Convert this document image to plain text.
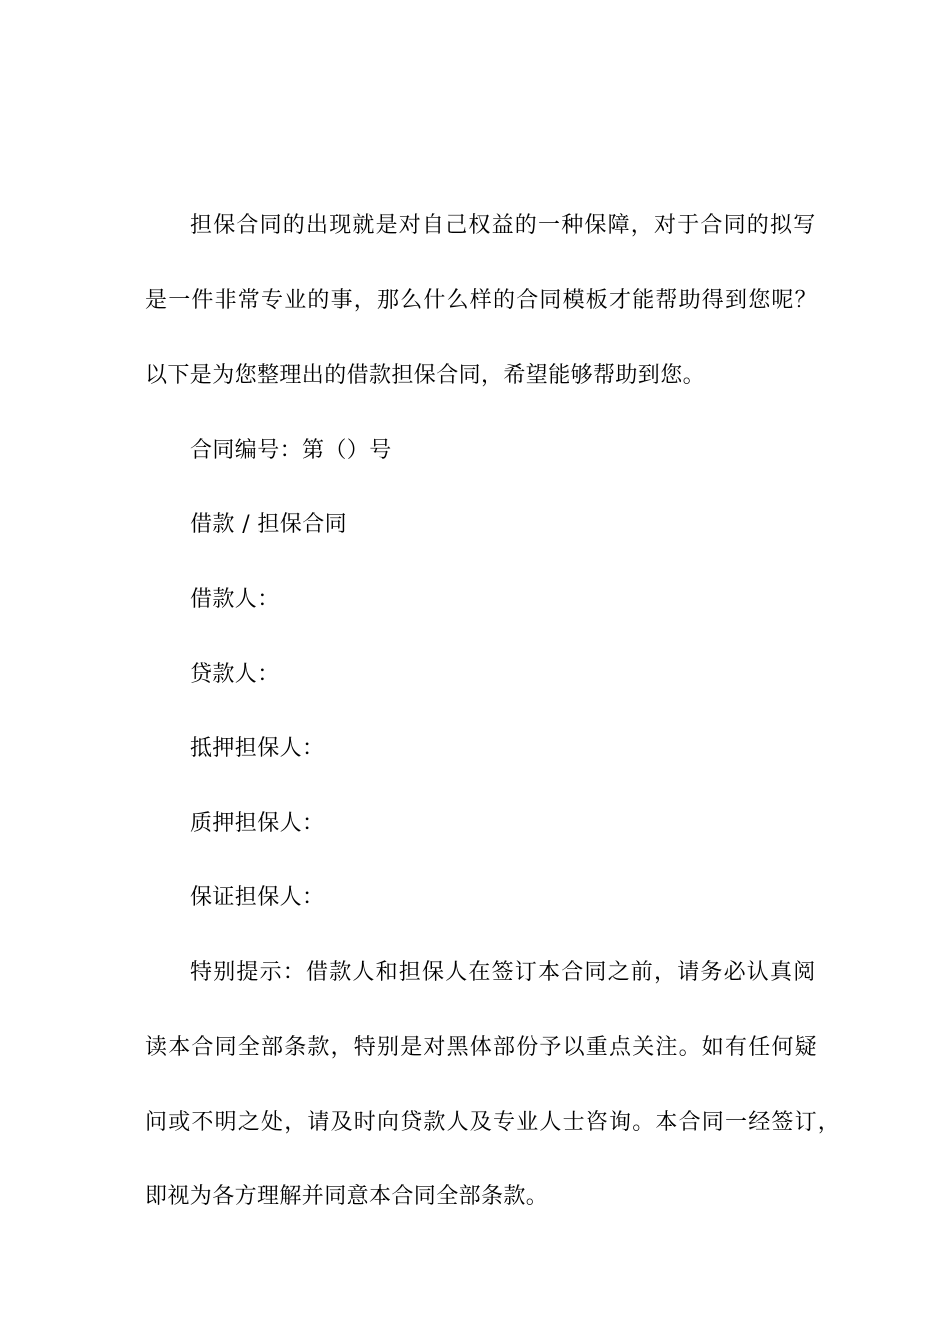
担保合同的出现就是对自己权益的一种保障，对于合同的拟写
是一件非常专业的事，那么什么样的合同模板才能帮助得到您呢？
以下是为您整理出的借款担保合同，希望能够帮助到您。
合同编号：第（）号
借款 / 担保合同
借款人：
贷款人：
抵押担保人：
质押担保人：
保证担保人：
特别提示：借款人和担保人在签订本合同之前，请务必认真阅
读本合同全部条款，特别是对黑体部份予以重点关注。如有任何疑
问或不明之处，请及时向贷款人及专业人士咨询。本合同一经签订，
即视为各方理解并同意本合同全部条款。
